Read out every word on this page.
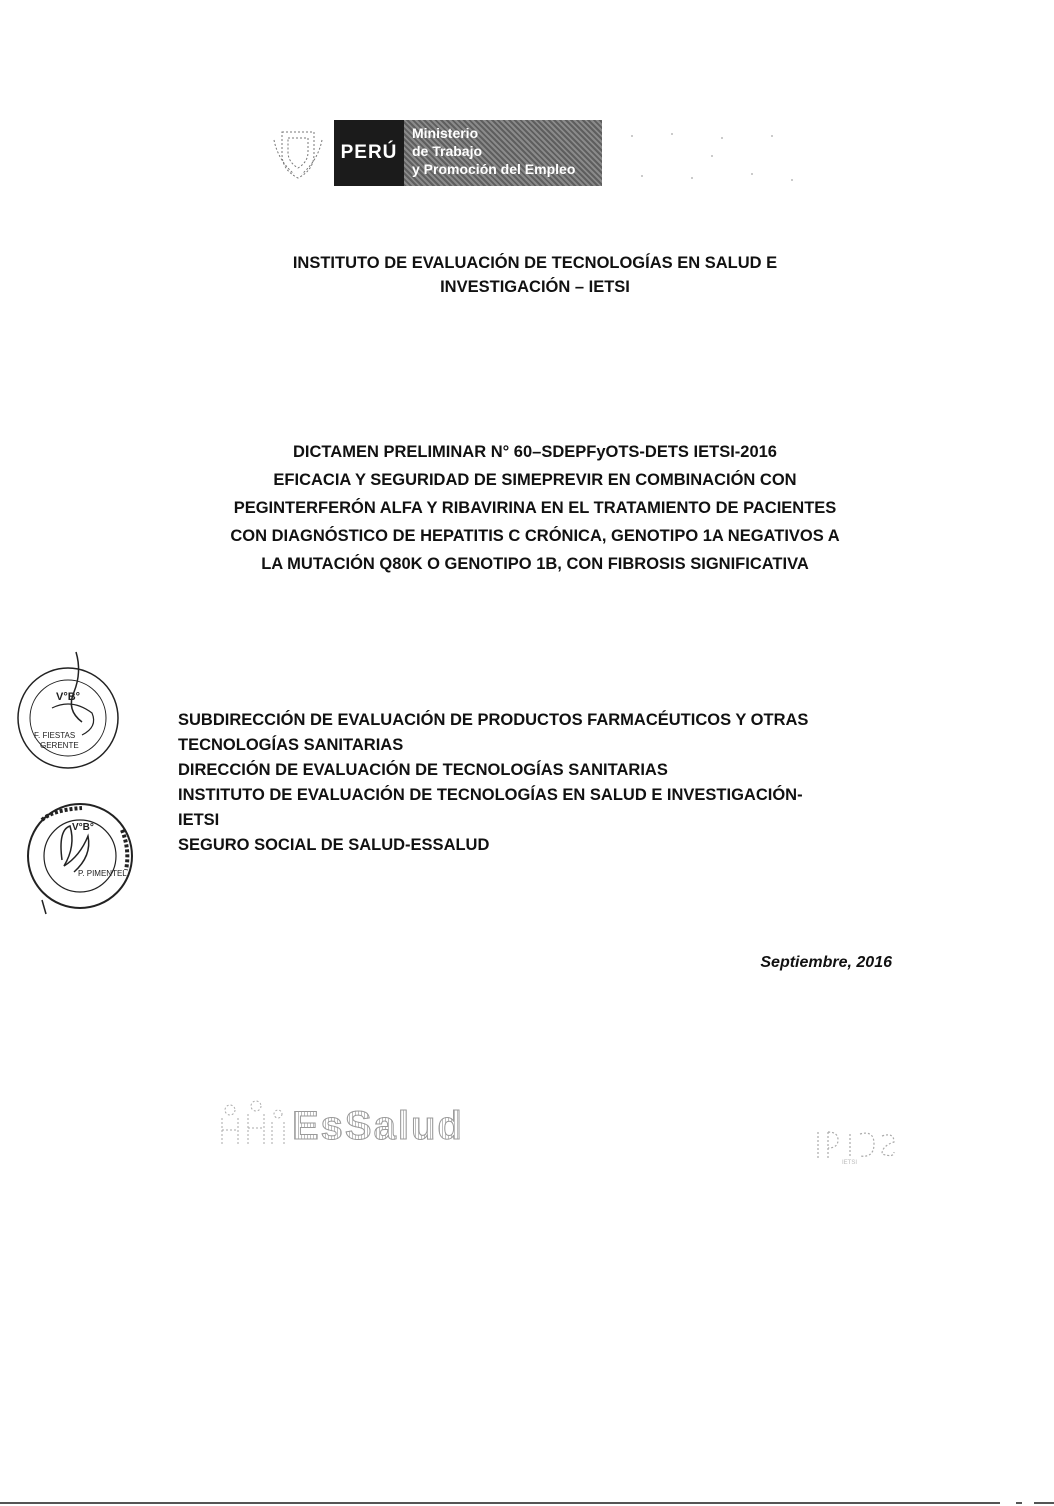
PERÚ
Ministerio
de Trabajo
y Promoción del Empleo
INSTITUTO DE EVALUACIÓN DE TECNOLOGÍAS EN SALUD E
INVESTIGACIÓN – IETSI
DICTAMEN PRELIMINAR N° 60–SDEPFyOTS-DETS IETSI-2016
EFICACIA Y SEGURIDAD DE SIMEPREVIR EN COMBINACIÓN CON
PEGINTERFERÓN ALFA Y RIBAVIRINA EN EL TRATAMIENTO DE PACIENTES
CON DIAGNÓSTICO DE HEPATITIS C CRÓNICA, GENOTIPO 1A NEGATIVOS A
LA MUTACIÓN Q80K O GENOTIPO 1B, CON FIBROSIS SIGNIFICATIVA
V°B°
F. FIESTAS
GERENTE
V°B°
P. PIMENTEL
SUBDIRECCIÓN DE EVALUACIÓN DE PRODUCTOS FARMACÉUTICOS Y OTRAS
TECNOLOGÍAS SANITARIAS
DIRECCIÓN DE EVALUACIÓN DE TECNOLOGÍAS SANITARIAS
INSTITUTO DE EVALUACIÓN DE TECNOLOGÍAS EN SALUD E INVESTIGACIÓN-
IETSI
SEGURO SOCIAL DE SALUD-ESSALUD
Septiembre, 2016
EsSalud
IETSI
